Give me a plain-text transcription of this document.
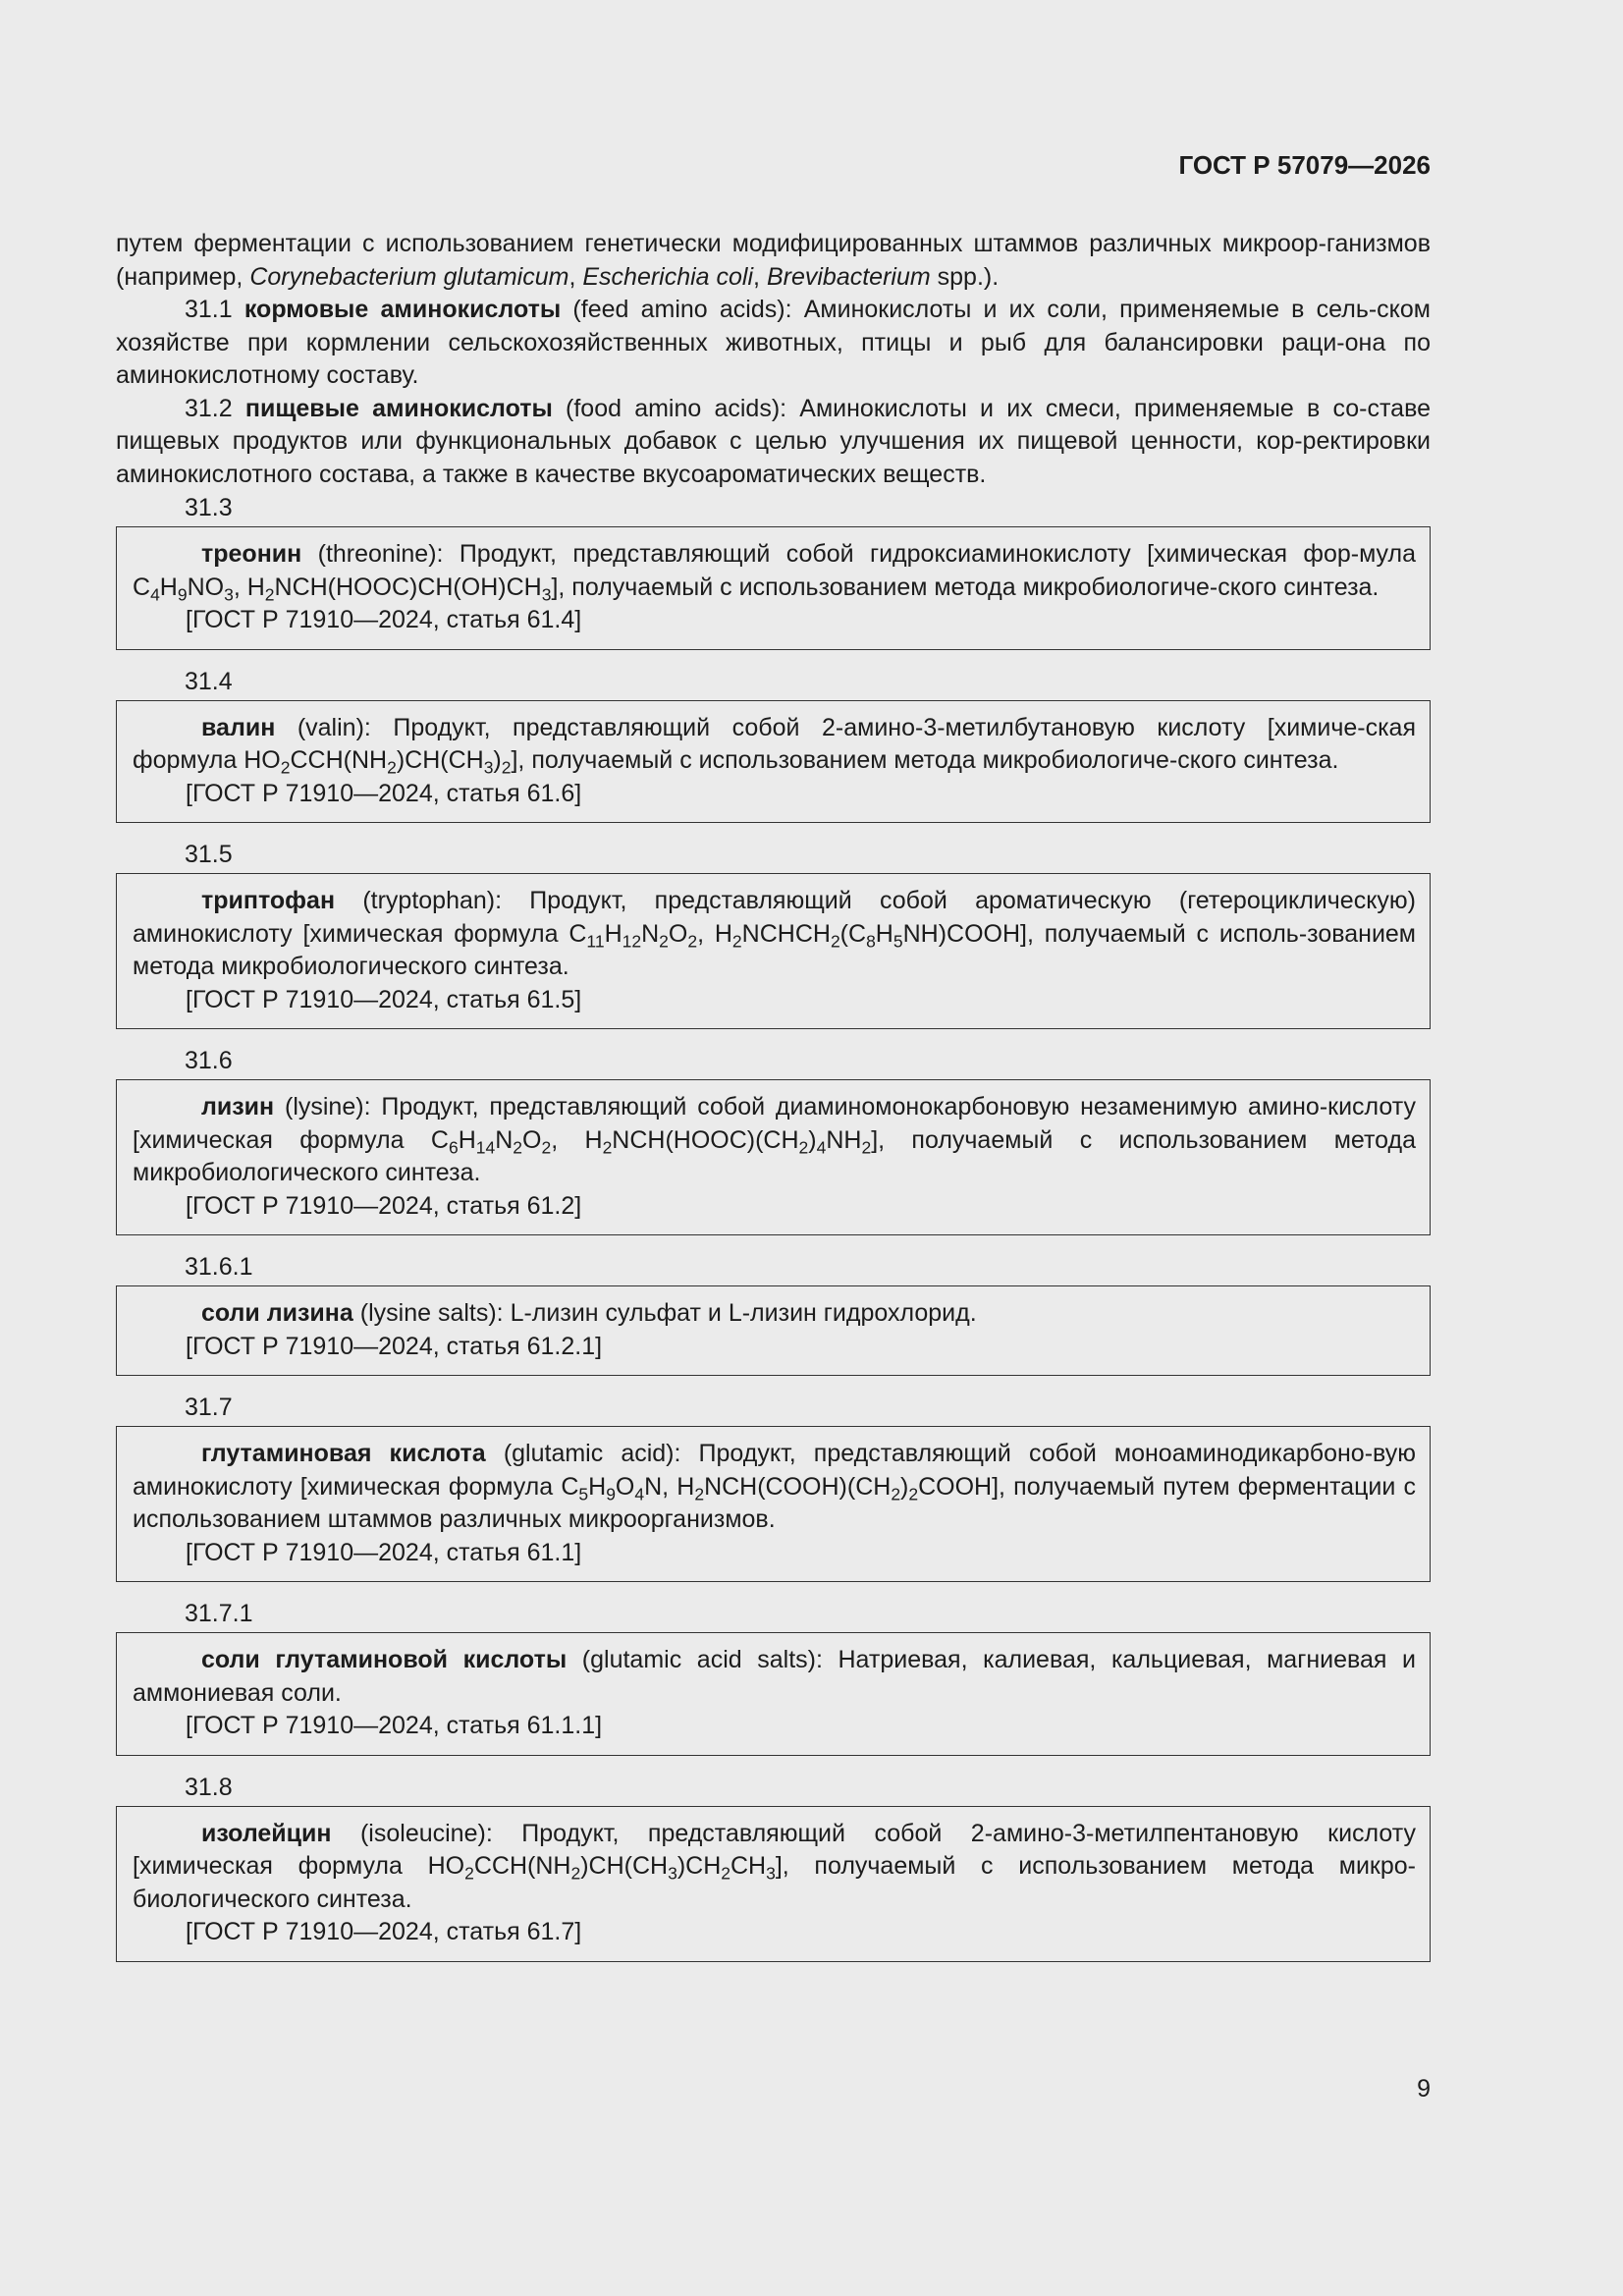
ГОСТ Р 57079—2026

путем ферментации с использованием генетически модифицированных штаммов различных микроор-ганизмов (например, Corynebacterium glutamicum, Escherichia coli, Brevibacterium spp.).

31.1 кормовые аминокислоты (feed amino acids): Аминокислоты и их соли, применяемые в сель-ском хозяйстве при кормлении сельскохозяйственных животных, птицы и рыб для балансировки раци-она по аминокислотному составу.

31.2 пищевые аминокислоты (food amino acids): Аминокислоты и их смеси, применяемые в со-ставе пищевых продуктов или функциональных добавок с целью улучшения их пищевой ценности, кор-ректировки аминокислотного состава, а также в качестве вкусоароматических веществ.

31.3

треонин (threonine): Продукт, представляющий собой гидроксиаминокислоту [химическая фор-мула $C_4H_9NO_3$, $H_2NCH(HOOC)CH(OH)CH_3$], получаемый с использованием метода микробиологиче-ского синтеза.

[ГОСТ Р 71910—2024, статья 61.4]

31.4

валин (valin): Продукт, представляющий собой 2-амино-3-метилбутановую кислоту [химиче-ская формула $HO_2CCH(NH_2)CH(CH_3)_2$], получаемый с использованием метода микробиологиче-ского синтеза.

[ГОСТ Р 71910—2024, статья 61.6]

31.5

триптофан (tryptophan): Продукт, представляющий собой ароматическую (гетероциклическую) аминокислоту [химическая формула $C_{11}H_{12}N_2O_2$, $H_2NCHCH_2(C_8H_5NH)COOH$], получаемый с исполь-зованием метода микробиологического синтеза.

[ГОСТ Р 71910—2024, статья 61.5]

31.6

лизин (lysine): Продукт, представляющий собой диаминомонокарбоновую незаменимую амино-кислоту [химическая формула $C_6H_{14}N_2O_2$, $H_2NCH(HOOC)(CH_2)_4NH_2$], получаемый с использованием метода микробиологического синтеза.

[ГОСТ Р 71910—2024, статья 61.2]

31.6.1

соли лизина (lysine salts): L-лизин сульфат и L-лизин гидрохлорид.

[ГОСТ Р 71910—2024, статья 61.2.1]

31.7

глутаминовая кислота (glutamic acid): Продукт, представляющий собой моноаминодикарбоно-вую аминокислоту [химическая формула $C_5H_9O_4N$, $H_2NCH(COOH)(CH_2)_2COOH$], получаемый путем ферментации с использованием штаммов различных микроорганизмов.

[ГОСТ Р 71910—2024, статья 61.1]

31.7.1

соли глутаминовой кислоты (glutamic acid salts): Натриевая, калиевая, кальциевая, магниевая и аммониевая соли.

[ГОСТ Р 71910—2024, статья 61.1.1]

31.8

изолейцин (isoleucine): Продукт, представляющий собой 2-амино-3-метилпентановую кислоту [химическая формула $HO_2CCH(NH_2)CH(CH_3)CH_2CH_3$], получаемый с использованием метода микро-биологического синтеза.

[ГОСТ Р 71910—2024, статья 61.7]

9
